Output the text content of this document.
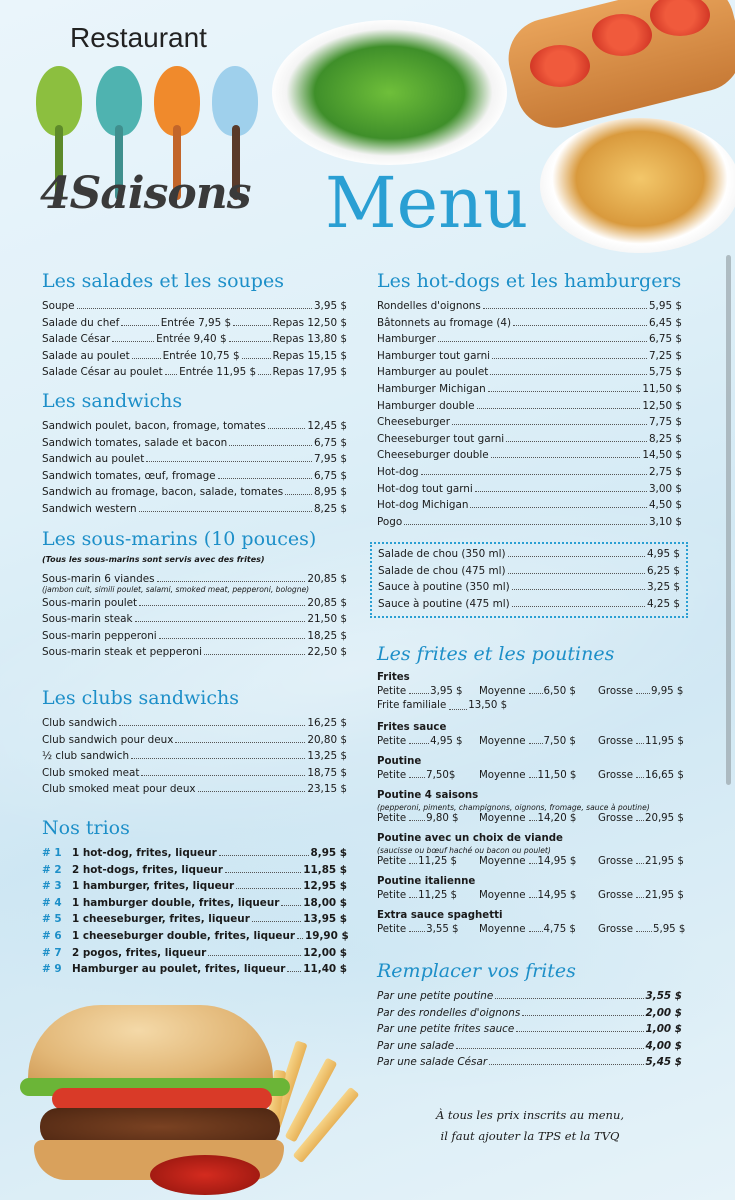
Restaurant
4Saisons Menu
Les salades et les soupes
Soupe	3,95 $
Salade du chef	Entrée 7,95 $	Repas 12,50 $
Salade César	Entrée 9,40 $	Repas 13,80 $
Salade au poulet	Entrée 10,75 $	Repas 15,15 $
Salade César au poulet Entrée 11,95 $ Repas 17,95 $
Les sandwichs
Sandwich poulet, bacon, fromage, tomates	12,45 $
Sandwich tomates, salade et bacon	6,75 $
Sandwich au poulet	7,95 $
Sandwich tomates, œuf, fromage	6,75 $
Sandwich au fromage, bacon, salade, tomates	8,95 $
Sandwich western	8,25 $
Les sous-marins (10 pouces)
(Tous les sous-marins sont servis avec des frites)
Sous-marin 6 viandes	20,85 $
(jambon cuit, simili poulet, salami, smoked meat, pepperoni, bologne)
Sous-marin poulet	20,85 $
Sous-marin steak	21,50 $
Sous-marin pepperoni	18,25 $
Sous-marin steak et pepperoni	22,50 $
Les clubs sandwichs
Club sandwich	16,25 $
Club sandwich pour deux	20,80 $
½ club sandwich	13,25 $
Club smoked meat	18,75 $
Club smoked meat pour deux	23,15 $
Nos trios
# 1	1 hot-dog, frites, liqueur	8,95 $
# 2	2 hot-dogs, frites, liqueur	11,85 $
# 3	1 hamburger, frites, liqueur	12,95 $
# 4	1 hamburger double, frites, liqueur 18,00 $
# 5	1 cheeseburger, frites, liqueur	13,95 $
# 6	1 cheeseburger double, frites, liqueur 19,90 $
# 7	2 pogos, frites, liqueur	12,00 $
# 9	Hamburger au poulet, frites, liqueur 11,40 $
Les hot-dogs et les hamburgers
Rondelles d'oignons	5,95 $
Bâtonnets au fromage (4)	6,45 $
Hamburger	6,75 $
Hamburger tout garni	7,25 $
Hamburger au poulet	5,75 $
Hamburger Michigan	11,50 $
Hamburger double	12,50 $
Cheeseburger	7,75 $
Cheeseburger tout garni	8,25 $
Cheeseburger double	14,50 $
Hot-dog	2,75 $
Hot-dog tout garni	3,00 $
Hot-dog Michigan	4,50 $
Pogo	3,10 $
Salade de chou (350 ml)	4,95 $
Salade de chou (475 ml)	6,25 $
Sauce à poutine (350 ml)	3,25 $
Sauce à poutine (475 ml)	4,25 $
Les frites et les poutines
Frites
Petite 3,95 $ Moyenne 6,50 $ Grosse 9,95 $
Frite familiale 13,50 $
Frites sauce
Petite 4,95 $ Moyenne 7,50 $ Grosse 11,95 $
Poutine
Petite 7,50$ Moyenne 11,50 $ Grosse 16,65 $
Poutine 4 saisons
(pepperoni, piments, champignons, oignons, fromage, sauce à poutine)
Petite 9,80 $ Moyenne 14,20 $ Grosse 20,95 $
Poutine avec un choix de viande
(saucisse ou bœuf haché ou bacon ou poulet)
Petite 11,25 $ Moyenne 14,95 $ Grosse 21,95 $
Poutine italienne
Petite 11,25 $ Moyenne 14,95 $ Grosse 21,95 $
Extra sauce spaghetti
Petite 3,55 $ Moyenne 4,75 $ Grosse 5,95 $
Remplacer vos frites
Par une petite poutine	3,55 $
Par des rondelles d'oignons	2,00 $
Par une petite frites sauce	1,00 $
Par une salade	4,00 $
Par une salade César	5,45 $
À tous les prix inscrits au menu,
il faut ajouter la TPS et la TVQ
